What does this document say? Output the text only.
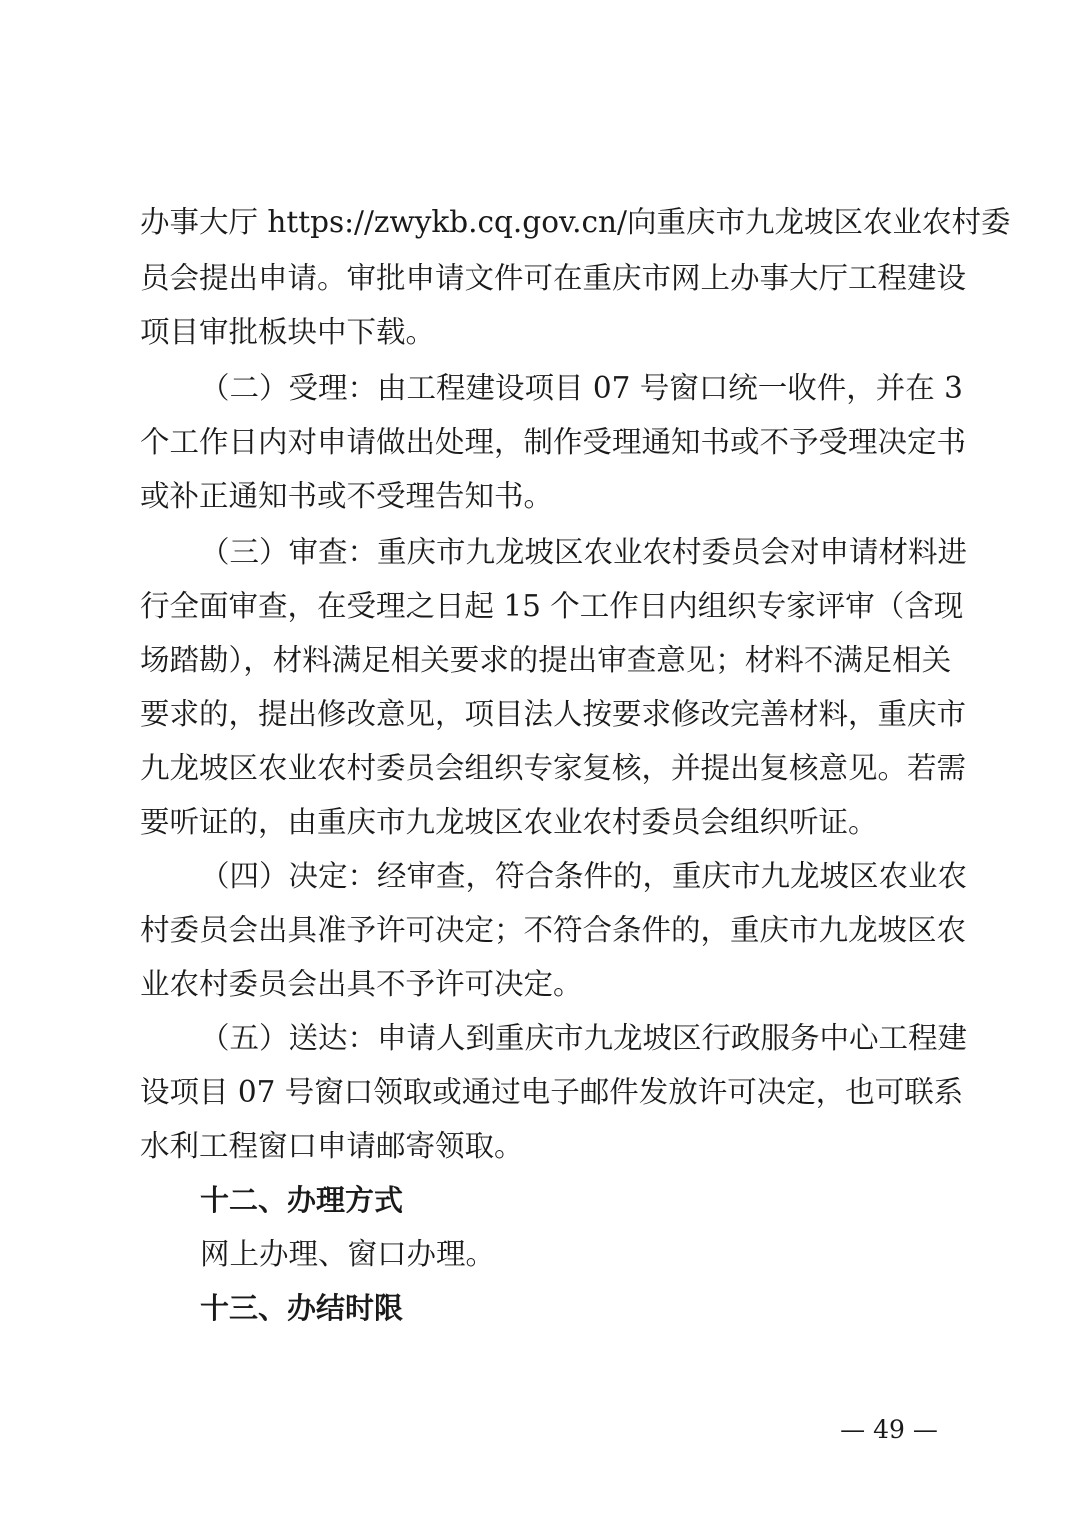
办事大厅 https://zwykb.cq.gov.cn/向重庆市九龙坡区农业农村委
员会提出申请。审批申请文件可在重庆市网上办事大厅工程建设
项目审批板块中下载。
（二）受理：由工程建设项目 07 号窗口统一收件，并在 3
个工作日内对申请做出处理，制作受理通知书或不予受理决定书
或补正通知书或不受理告知书。
（三）审查：重庆市九龙坡区农业农村委员会对申请材料进
行全面审查，在受理之日起 15 个工作日内组织专家评审（含现
场踏勘），材料满足相关要求的提出审查意见；材料不满足相关
要求的，提出修改意见，项目法人按要求修改完善材料，重庆市
九龙坡区农业农村委员会组织专家复核，并提出复核意见。若需
要听证的，由重庆市九龙坡区农业农村委员会组织听证。
（四）决定：经审查，符合条件的，重庆市九龙坡区农业农
村委员会出具准予许可决定；不符合条件的，重庆市九龙坡区农
业农村委员会出具不予许可决定。
（五）送达：申请人到重庆市九龙坡区行政服务中心工程建
设项目 07 号窗口领取或通过电子邮件发放许可决定，也可联系
水利工程窗口申请邮寄领取。
十二、办理方式
网上办理、窗口办理。
十三、办结时限
— 49 —
